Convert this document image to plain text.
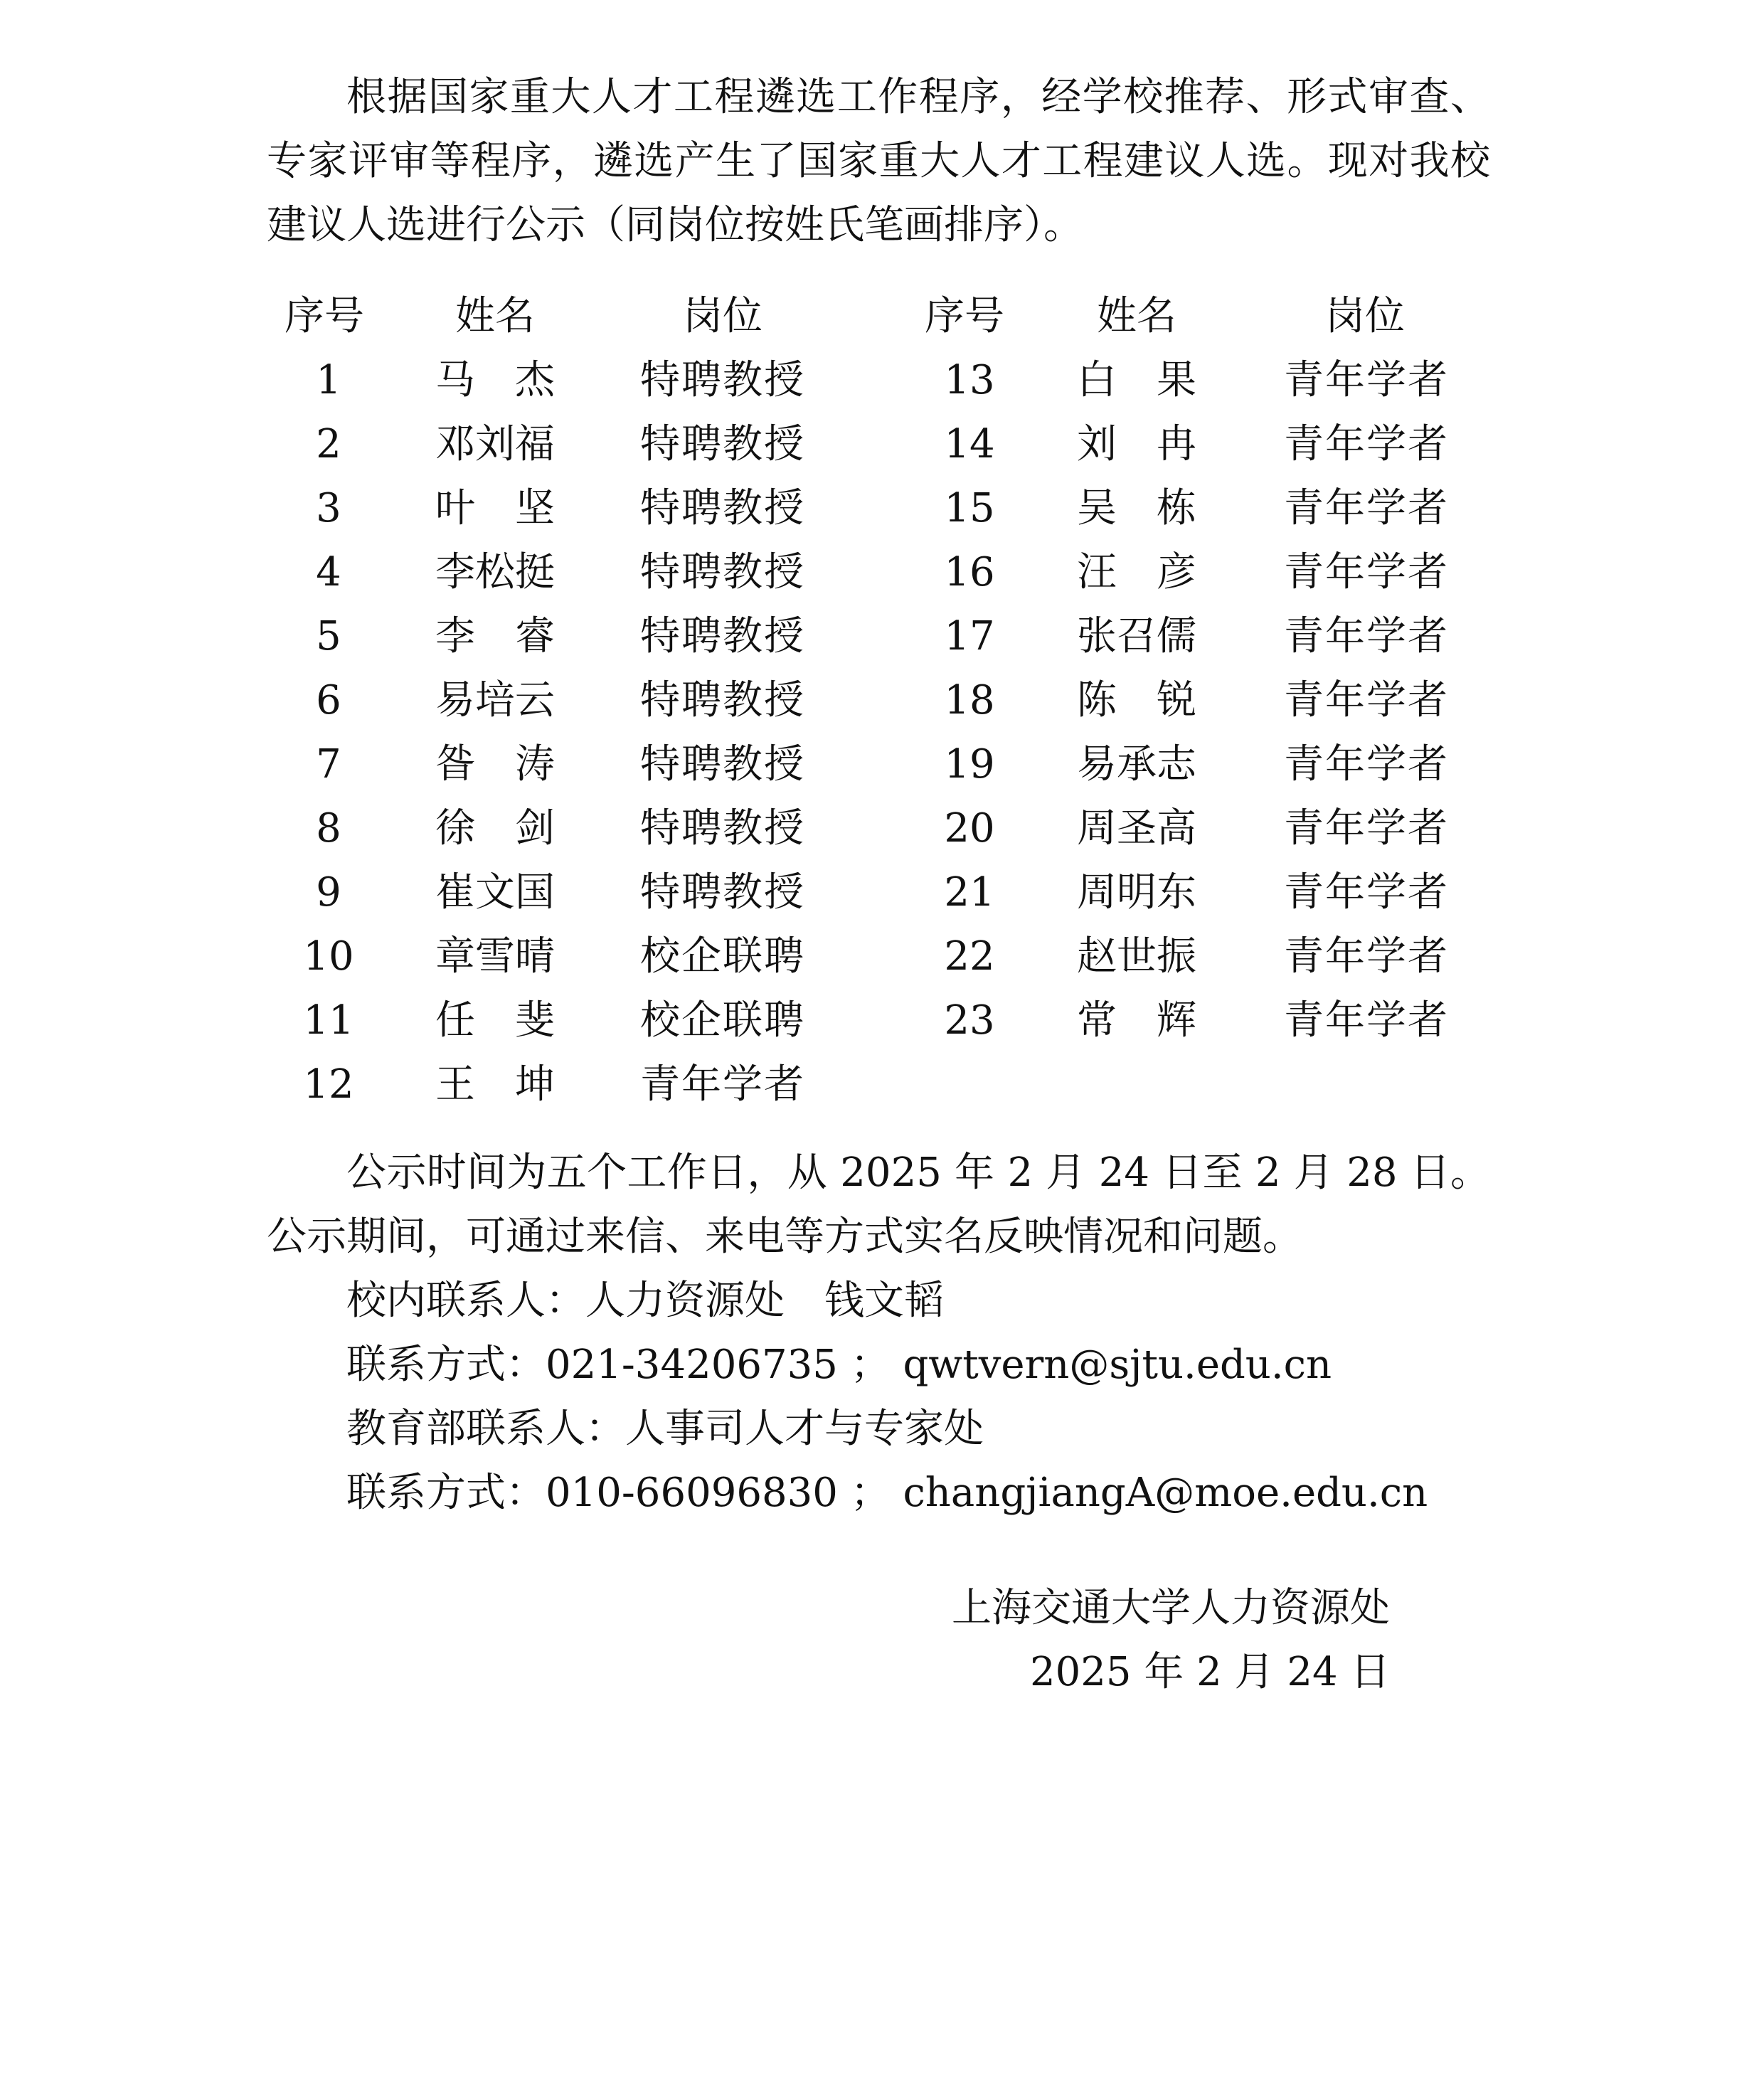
根据国家重大人才工程遴选工作程序，经学校推荐、形式审查、专家评审等程序，遴选产生了国家重大人才工程建议人选。现对我校建议人选进行公示（同岗位按姓氏笔画排序）。

序号 姓名	岗位	序号 姓名	岗位
1	马杰 特聘教授	13	白果 青年学者
2	邓刘福 特聘教授	14	刘冉 青年学者
3	叶坚 特聘教授	15	吴栋 青年学者
4	李松挺 特聘教授	16	汪彦 青年学者
5	李睿 特聘教授	17	张召儒 青年学者
6	易培云 特聘教授	18	陈锐 青年学者
7	昝涛 特聘教授	19	易承志 青年学者
8	徐剑 特聘教授	20	周圣高 青年学者
9	崔文国 特聘教授	21	周明东 青年学者
10	章雪晴 校企联聘	22	赵世振 青年学者
11	任斐 校企联聘	23	常辉 青年学者
12	王坤 青年学者

公示时间为五个工作日，从 2025 年 2 月 24 日至 2 月 28 日。公示期间，可通过来信、来电等方式实名反映情况和问题。

校内联系人：人力资源处　钱文韬
联系方式：021-34206735 ； qwtvern@sjtu.edu.cn
教育部联系人：人事司人才与专家处
联系方式：010-66096830 ； changjiangA@moe.edu.cn
上海交通大学人力资源处
2025 年 2 月 24 日
